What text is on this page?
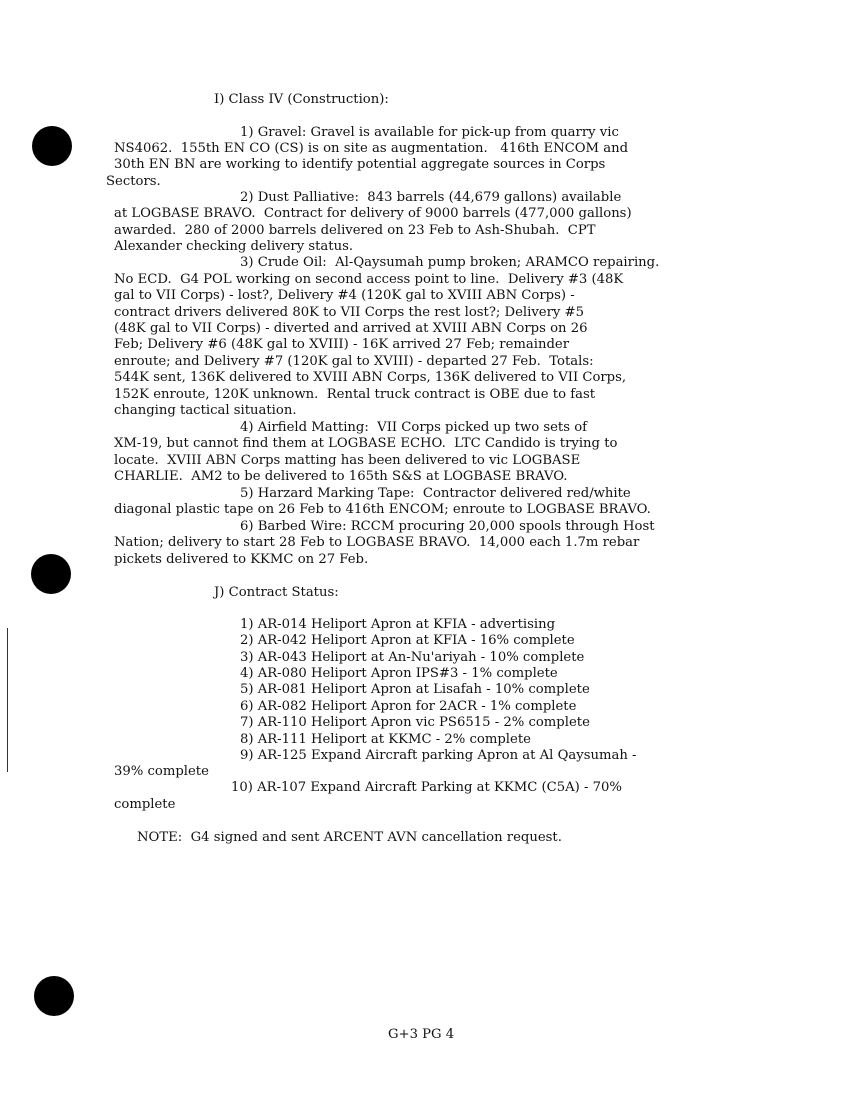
I) Class IV (Construction):

1) Gravel: Gravel is available for pick-up from quarry vic

NS4062.  155th EN CO (CS) is on site as augmentation.   416th ENCOM and

30th EN BN are working to identify potential aggregate sources in Corps

Sectors.

2) Dust Palliative:  843 barrels (44,679 gallons) available

at LOGBASE BRAVO.  Contract for delivery of 9000 barrels (477,000 gallons)

awarded.  280 of 2000 barrels delivered on 23 Feb to Ash-Shubah.  CPT

Alexander checking delivery status.

3) Crude Oil:  Al-Qaysumah pump broken; ARAMCO repairing.

No ECD.  G4 POL working on second access point to line.  Delivery #3 (48K

gal to VII Corps) - lost?, Delivery #4 (120K gal to XVIII ABN Corps) -

contract drivers delivered 80K to VII Corps the rest lost?; Delivery #5

(48K gal to VII Corps) - diverted and arrived at XVIII ABN Corps on 26

Feb; Delivery #6 (48K gal to XVIII) - 16K arrived 27 Feb; remainder

enroute; and Delivery #7 (120K gal to XVIII) - departed 27 Feb.  Totals:

544K sent, 136K delivered to XVIII ABN Corps, 136K delivered to VII Corps,

152K enroute, 120K unknown.  Rental truck contract is OBE due to fast

changing tactical situation.

4) Airfield Matting:  VII Corps picked up two sets of

XM-19, but cannot find them at LOGBASE ECHO.  LTC Candido is trying to

locate.  XVIII ABN Corps matting has been delivered to vic LOGBASE

CHARLIE.  AM2 to be delivered to 165th S&S at LOGBASE BRAVO.

5) Harzard Marking Tape:  Contractor delivered red/white

diagonal plastic tape on 26 Feb to 416th ENCOM; enroute to LOGBASE BRAVO.

6) Barbed Wire: RCCM procuring 20,000 spools through Host

Nation; delivery to start 28 Feb to LOGBASE BRAVO.  14,000 each 1.7m rebar

pickets delivered to KKMC on 27 Feb.

J) Contract Status:

1) AR-014 Heliport Apron at KFIA - advertising

2) AR-042 Heliport Apron at KFIA - 16% complete

3) AR-043 Heliport at An-Nu'ariyah - 10% complete

4) AR-080 Heliport Apron IPS#3 - 1% complete

5) AR-081 Heliport Apron at Lisafah - 10% complete

6) AR-082 Heliport Apron for 2ACR - 1% complete

7) AR-110 Heliport Apron vic PS6515 - 2% complete

8) AR-111 Heliport at KKMC - 2% complete

9) AR-125 Expand Aircraft parking Apron at Al Qaysumah -

39% complete

10) AR-107 Expand Aircraft Parking at KKMC (C5A) - 70%

complete

NOTE:  G4 signed and sent ARCENT AVN cancellation request.

G+3 PG 4
